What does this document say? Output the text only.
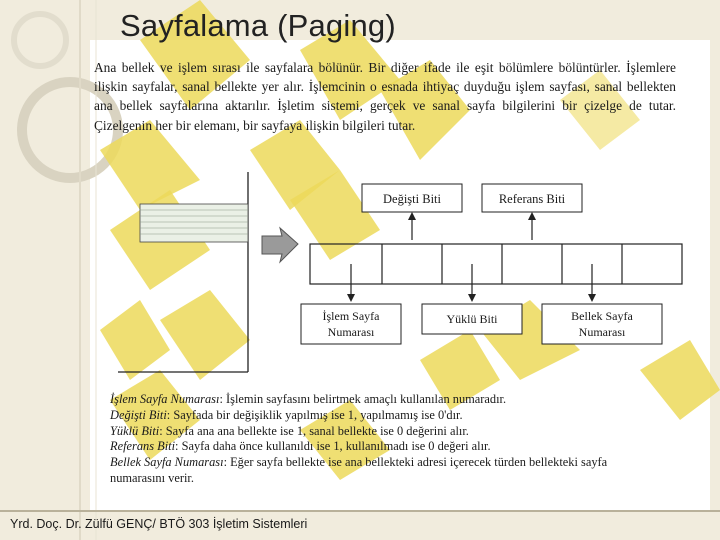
Sayfalama (Paging)

Ana bellek ve işlem sırası ile sayfalara bölünür. Bir diğer ifade ile eşit bölümlere bölüntürler. İşlemlere ilişkin sayfalar, sanal bellekte yer alır. İşlemcinin o esnada ihtiyaç duyduğu işlem sayfası, sanal bellekten ana bellek sayfalarına aktarılır. İşletim sistemi, gerçek ve sanal sayfa bilgilerini bir çizelge de tutar. Çizelgenin her bir elemanı, bir sayfaya ilişkin bilgileri tutar.

Değişti Biti	Referans Biti
İşlem Sayfa
Numarası
Yüklü Biti	Bellek Sayfa
Numarası
İşlem Sayfa Numarası: İşlemin sayfasını belirtmek amaçlı kullanılan numaradır.
Değişti Biti: Sayfada bir değişiklik yapılmış ise 1, yapılmamış ise 0'dır.
Yüklü Biti: Sayfa ana ana bellekte ise 1, sanal bellekte ise 0 değerini alır.
Referans Biti: Sayfa daha önce kullanıldı ise 1, kullanılmadı ise 0 değeri alır.
Bellek Sayfa Numarası: Eğer sayfa bellekte ise ana bellekteki adresi içerecek türden bellekteki sayfa numarasını verir.

Yrd. Doç. Dr. Zülfü GENÇ/ BTÖ 303 İşletim Sistemleri
